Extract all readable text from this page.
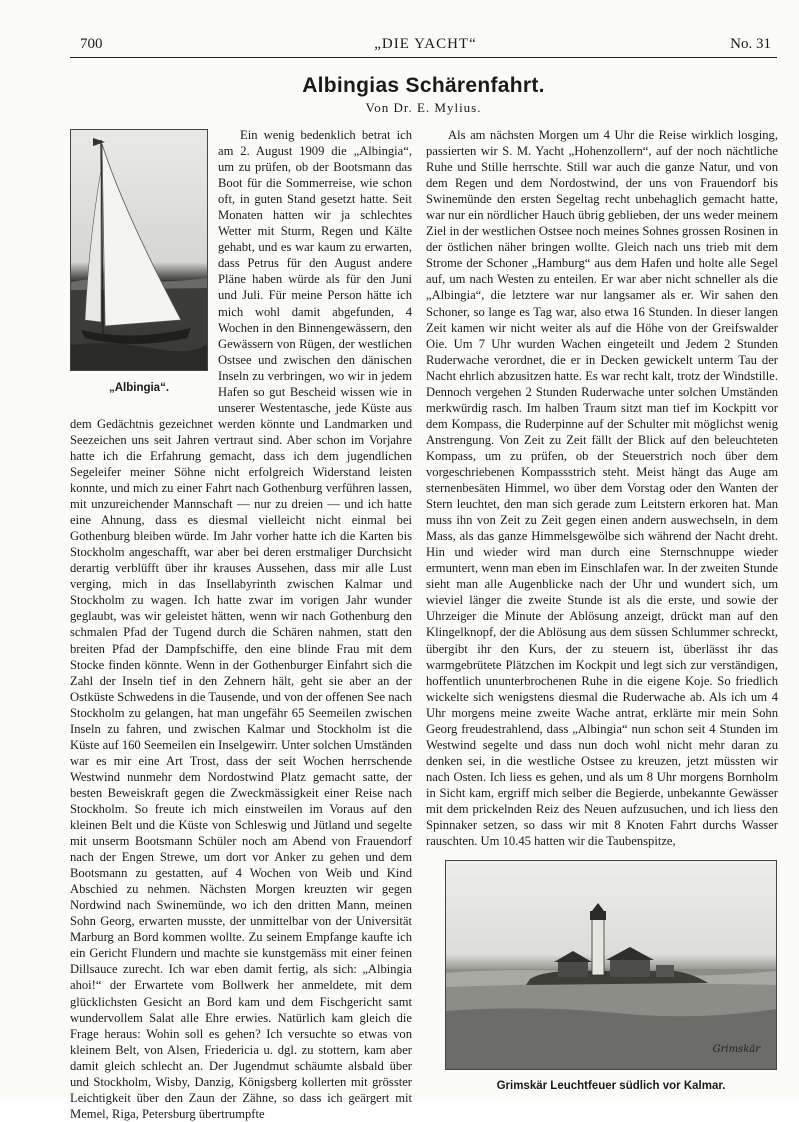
700	„DIE YACHT“	No. 31
Albingias Schärenfahrt.
Von Dr. E. Mylius.
„Albingia“.

Ein wenig bedenklich betrat ich am 2. August 1909 die „Albingia“, um zu prüfen, ob der Bootsmann das Boot für die Sommerreise, wie schon oft, in guten Stand gesetzt hatte. Seit Monaten hatten wir ja schlechtes Wetter mit Sturm, Regen und Kälte gehabt, und es war kaum zu erwarten, dass Petrus für den August andere Pläne haben würde als für den Juni und Juli. Für meine Person hätte ich mich wohl damit abgefunden, 4 Wochen in den Binnengewässern, den Gewässern von Rügen, der westlichen Ostsee und zwischen den dänischen Inseln zu verbringen, wo wir in jedem Hafen so gut Bescheid wissen wie in unserer Westentasche, jede Küste aus dem Gedächtnis gezeichnet werden könnte und Landmarken und Seezeichen uns seit Jahren vertraut sind. Aber schon im Vorjahre hatte ich die Erfahrung gemacht, dass ich dem jugendlichen Segeleifer meiner Söhne nicht erfolgreich Widerstand leisten konnte, und mich zu einer Fahrt nach Gothenburg verführen lassen, mit unzureichender Mannschaft — nur zu dreien — und ich hatte eine Ahnung, dass es diesmal vielleicht nicht einmal bei Gothenburg bleiben würde. Im Jahr vorher hatte ich die Karten bis Stockholm angeschafft, war aber bei deren erstmaliger Durchsicht derartig verblüfft über ihr krauses Aussehen, dass mir alle Lust verging, mich in das Insellabyrinth zwischen Kalmar und Stockholm zu wagen. Ich hatte zwar im vorigen Jahr wunder geglaubt, was wir geleistet hätten, wenn wir nach Gothenburg den schmalen Pfad der Tugend durch die Schären nahmen, statt den breiten Pfad der Dampfschiffe, den eine blinde Frau mit dem Stocke finden könnte. Wenn in der Gothenburger Einfahrt sich die Zahl der Inseln tief in den Zehnern hält, geht sie aber an der Ostküste Schwedens in die Tausende, und von der offenen See nach Stockholm zu gelangen, hat man ungefähr 65 Seemeilen zwischen Inseln zu fahren, und zwischen Kalmar und Stockholm ist die Küste auf 160 Seemeilen ein Inselgewirr. Unter solchen Umständen war es mir eine Art Trost, dass der seit Wochen herrschende Westwind nunmehr dem Nordostwind Platz gemacht satte, der besten Beweiskraft gegen die Zweckmässigkeit einer Reise nach Stockholm. So freute ich mich einstweilen im Voraus auf den kleinen Belt und die Küste von Schleswig und Jütland und segelte mit unserm Bootsmann Schüler noch am Abend von Frauendorf nach der Engen Strewe, um dort vor Anker zu gehen und dem Bootsmann zu gestatten, auf 4 Wochen von Weib und Kind Abschied zu nehmen. Nächsten Morgen kreuzten wir gegen Nordwind nach Swinemünde, wo ich den dritten Mann, meinen Sohn Georg, erwarten musste, der unmittelbar von der Universität Marburg an Bord kommen wollte. Zu seinem Empfange kaufte ich ein Gericht Flundern und machte sie kunstgemäss mit einer feinen Dillsauce zurecht. Ich war eben damit fertig, als sich: „Albingia ahoi!“ der Erwartete vom Bollwerk her anmeldete, mit dem glücklichsten Gesicht an Bord kam und dem Fischgericht samt wundervollem Salat alle Ehre erwies. Natürlich kam gleich die Frage heraus: Wohin soll es gehen? Ich versuchte so etwas von kleinem Belt, von Alsen, Friedericia u. dgl. zu stottern, kam aber damit gleich schlecht an. Der Jugendmut schäumte alsbald über und Stockholm, Wisby, Danzig, Königsberg kollerten mit grösster Leichtigkeit über den Zaun der Zähne, so dass ich geärgert mit Memel, Riga, Petersburg übertrumpfte

Als am nächsten Morgen um 4 Uhr die Reise wirklich losging, passierten wir S. M. Yacht „Hohenzollern“, auf der noch nächtliche Ruhe und Stille herrschte. Still war auch die ganze Natur, und von dem Regen und dem Nordostwind, der uns von Frauendorf bis Swinemünde den ersten Segeltag recht unbehaglich gemacht hatte, war nur ein nördlicher Hauch übrig geblieben, der uns weder meinem Ziel in der westlichen Ostsee noch meines Sohnes grossen Rosinen in der östlichen näher bringen wollte. Gleich nach uns trieb mit dem Strome der Schoner „Hamburg“ aus dem Hafen und holte alle Segel auf, um nach Westen zu enteilen. Er war aber nicht schneller als die „Albingia“, die letztere war nur langsamer als er. Wir sahen den Schoner, so lange es Tag war, also etwa 16 Stunden. In dieser langen Zeit kamen wir nicht weiter als auf die Höhe von der Greifswalder Oie. Um 7 Uhr wurden Wachen eingeteilt und Jedem 2 Stunden Ruderwache verordnet, die er in Decken gewickelt unterm Tau der Nacht ehrlich abzusitzen hatte. Es war recht kalt, trotz der Windstille. Dennoch vergehen 2 Stunden Ruderwache unter solchen Umständen merkwürdig rasch. Im halben Traum sitzt man tief im Kockpitt vor dem Kompass, die Ruderpinne auf der Schulter mit möglichst wenig Anstrengung. Von Zeit zu Zeit fällt der Blick auf den beleuchteten Kompass, um zu prüfen, ob der Steuerstrich noch über dem vorgeschriebenen Kompassstrich steht. Meist hängt das Auge am sternenbesäten Himmel, wo über dem Vorstag oder den Wanten der Stern leuchtet, den man sich gerade zum Leitstern erkoren hat. Man muss ihn von Zeit zu Zeit gegen einen andern auswechseln, in dem Mass, als das ganze Himmelsgewölbe sich während der Nacht dreht. Hin und wieder wird man durch eine Sternschnuppe wieder ermuntert, wenn man eben im Einschlafen war. In der zweiten Stunde sieht man alle Augenblicke nach der Uhr und wundert sich, um wieviel länger die zweite Stunde ist als die erste, und sowie der Uhrzeiger die Minute der Ablösung anzeigt, drückt man auf den Klingelknopf, der die Ablösung aus dem süssen Schlummer schreckt, übergibt ihr den Kurs, der zu steuern ist, überlässt ihr das warmgebrütete Plätzchen im Kockpit und legt sich zur verständigen, hoffentlich ununterbrochenen Ruhe in die eigene Koje. So friedlich wickelte sich wenigstens diesmal die Ruderwache ab. Als ich um 4 Uhr morgens meine zweite Wache antrat, erklärte mir mein Sohn Georg freudestrahlend, dass „Albingia“ nun schon seit 4 Stunden im Westwind segelte und dass nun doch wohl nicht mehr daran zu denken sei, in die westliche Ostsee zu kreuzen, jetzt müssten wir nach Osten. Ich liess es gehen, und als um 8 Uhr morgens Bornholm in Sicht kam, ergriff mich selber die Begierde, unbekannte Gewässer mit dem prickelnden Reiz des Neuen aufzusuchen, und ich liess den Spinnaker setzen, so dass wir mit 8 Knoten Fahrt durchs Wasser rauschten. Um 10.45 hatten wir die Taubenspitze,

Grimskär
Grimskär Leuchtfeuer südlich vor Kalmar.
